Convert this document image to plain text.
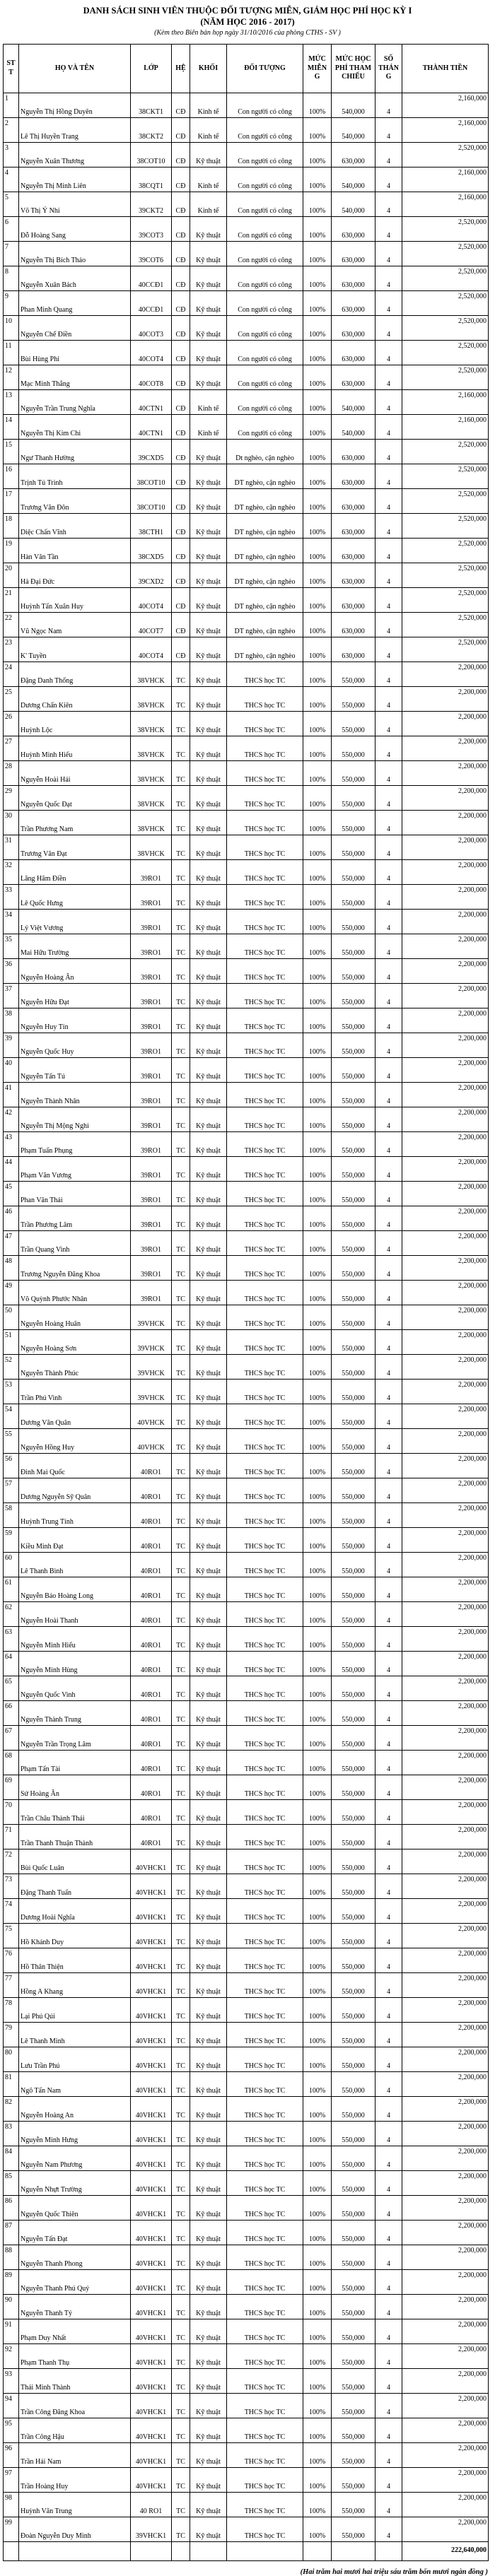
DANH SÁCH SINH VIÊN THUỘC ĐỐI TƯỢNG MIỄN, GIẢM HỌC PHÍ HỌC KỲ I
(NĂM HỌC 2016 - 2017)
(Kèm theo Biên bản họp ngày 31/10/2016 của phòng CTHS - SV )
ST T	HỌ VÀ TÊN	LỚP	HỆ	KHỐI	ĐỐI TƯỢNG	MỨC MIỄN G	MỨC HỌC PHÍ THAM CHIẾU	SỐ THÁN G	THÀNH TIỀN
1	Nguyễn Thị Hồng Duyên	38CKT1	CĐ	Kinh tế	Con người có công	100%	540,000	4	2,160,000
2	Lê Thị Huyền Trang	38CKT2	CĐ	Kinh tế	Con người có công	100%	540,000	4	2,160,000
3	Nguyễn Xuân Thương	38COT10	CĐ	Kỹ thuật	Con người có công	100%	630,000	4	2,520,000
4	Nguyễn Thị Minh Liên	38CQT1	CĐ	Kinh tế	Con người có công	100%	540,000	4	2,160,000
5	Võ Thị Ý Nhi	39CKT2	CĐ	Kinh tế	Con người có công	100%	540,000	4	2,160,000
6	Đỗ Hoàng Sang	39COT3	CĐ	Kỹ thuật	Con người có công	100%	630,000	4	2,520,000
7	Nguyễn Thị Bích Thảo	39COT6	CĐ	Kỹ thuật	Con người có công	100%	630,000	4	2,520,000
8	Nguyễn Xuân Bách	40CCĐ1	CĐ	Kỹ thuật	Con người có công	100%	630,000	4	2,520,000
9	Phan Minh Quang	40CCĐ1	CĐ	Kỹ thuật	Con người có công	100%	630,000	4	2,520,000
10	Nguyễn Chế Điền	40COT3	CĐ	Kỹ thuật	Con người có công	100%	630,000	4	2,520,000
11	Bùi Hùng Phi	40COT4	CĐ	Kỹ thuật	Con người có công	100%	630,000	4	2,520,000
12	Mạc Minh Thắng	40COT8	CĐ	Kỹ thuật	Con người có công	100%	630,000	4	2,520,000
13	Nguyễn Trần Trung Nghĩa	40CTN1	CĐ	Kinh tế	Con người có công	100%	540,000	4	2,160,000
14	Nguyễn Thị Kim Chi	40CTN1	CĐ	Kinh tế	Con người có công	100%	540,000	4	2,160,000
15	Ngư Thanh Hường	39CXD5	CĐ	Kỹ thuật	Dt nghèo, cận nghèo	100%	630,000	4	2,520,000
16	Trịnh Tú Trinh	38COT10	CĐ	Kỹ thuật	DT nghèo, cận nghèo	100%	630,000	4	2,520,000
17	Trương Văn Đôn	38COT10	CĐ	Kỹ thuật	DT nghèo, cận nghèo	100%	630,000	4	2,520,000
18	Diệc Chấn Vĩnh	38CTH1	CĐ	Kỹ thuật	DT nghèo, cận nghèo	100%	630,000	4	2,520,000
19	Hàn Văn Tần	38CXD5	CĐ	Kỹ thuật	DT nghèo, cận nghèo	100%	630,000	4	2,520,000
20	Hà Đại Đức	39CXD2	CĐ	Kỹ thuật	DT nghèo, cận nghèo	100%	630,000	4	2,520,000
21	Huỳnh Tấn Xuân Huy	40COT4	CĐ	Kỹ thuật	DT nghèo, cận nghèo	100%	630,000	4	2,520,000
22	Vũ Ngọc Nam	40COT7	CĐ	Kỹ thuật	DT nghèo, cận nghèo	100%	630,000	4	2,520,000
23	K' Tuyền	40COT4	CĐ	Kỹ thuật	DT nghèo, cận nghèo	100%	630,000	4	2,520,000
24	Đặng Danh Thống	38VHCK	TC	Kỹ thuật	THCS học TC	100%	550,000	4	2,200,000
25	Dương Chấn Kiên	38VHCK	TC	Kỹ thuật	THCS học TC	100%	550,000	4	2,200,000
26	Huỳnh Lộc	38VHCK	TC	Kỹ thuật	THCS học TC	100%	550,000	4	2,200,000
27	Huỳnh Minh Hiếu	38VHCK	TC	Kỹ thuật	THCS học TC	100%	550,000	4	2,200,000
28	Nguyễn Hoài Hải	38VHCK	TC	Kỹ thuật	THCS học TC	100%	550,000	4	2,200,000
29	Nguyễn Quốc Đạt	38VHCK	TC	Kỹ thuật	THCS học TC	100%	550,000	4	2,200,000
30	Trần Phương Nam	38VHCK	TC	Kỹ thuật	THCS học TC	100%	550,000	4	2,200,000
31	Trương Văn Đạt	38VHCK	TC	Kỹ thuật	THCS học TC	100%	550,000	4	2,200,000
32	Lăng Hâm Điền	39RO1	TC	Kỹ thuật	THCS học TC	100%	550,000	4	2,200,000
33	Lê Quốc Hưng	39RO1	TC	Kỹ thuật	THCS học TC	100%	550,000	4	2,200,000
34	Lý Việt Vương	39RO1	TC	Kỹ thuật	THCS học TC	100%	550,000	4	2,200,000
35	Mai Hữu Trường	39RO1	TC	Kỹ thuật	THCS học TC	100%	550,000	4	2,200,000
36	Nguyễn Hoàng Ân	39RO1	TC	Kỹ thuật	THCS học TC	100%	550,000	4	2,200,000
37	Nguyễn Hữu Đạt	39RO1	TC	Kỹ thuật	THCS học TC	100%	550,000	4	2,200,000
38	Nguyễn Huy Tín	39RO1	TC	Kỹ thuật	THCS học TC	100%	550,000	4	2,200,000
39	Nguyễn Quốc Huy	39RO1	TC	Kỹ thuật	THCS học TC	100%	550,000	4	2,200,000
40	Nguyễn Tấn Tú	39RO1	TC	Kỹ thuật	THCS học TC	100%	550,000	4	2,200,000
41	Nguyễn Thành Nhân	39RO1	TC	Kỹ thuật	THCS học TC	100%	550,000	4	2,200,000
42	Nguyễn Thị Mộng Nghi	39RO1	TC	Kỹ thuật	THCS học TC	100%	550,000	4	2,200,000
43	Phạm Tuấn Phụng	39RO1	TC	Kỹ thuật	THCS học TC	100%	550,000	4	2,200,000
44	Phạm Văn Vương	39RO1	TC	Kỹ thuật	THCS học TC	100%	550,000	4	2,200,000
45	Phan Văn Thái	39RO1	TC	Kỹ thuật	THCS học TC	100%	550,000	4	2,200,000
46	Trần Phương Lâm	39RO1	TC	Kỹ thuật	THCS học TC	100%	550,000	4	2,200,000
47	Trần Quang Vinh	39RO1	TC	Kỹ thuật	THCS học TC	100%	550,000	4	2,200,000
48	Trương Nguyễn Đăng Khoa	39RO1	TC	Kỹ thuật	THCS học TC	100%	550,000	4	2,200,000
49	Võ Quỳnh Phước Nhân	39RO1	TC	Kỹ thuật	THCS học TC	100%	550,000	4	2,200,000
50	Nguyễn Hoàng Huân	39VHCK	TC	Kỹ thuật	THCS học TC	100%	550,000	4	2,200,000
51	Nguyễn Hoàng Sơn	39VHCK	TC	Kỹ thuật	THCS học TC	100%	550,000	4	2,200,000
52	Nguyễn Thành Phúc	39VHCK	TC	Kỹ thuật	THCS học TC	100%	550,000	4	2,200,000
53	Trần Phú Vinh	39VHCK	TC	Kỹ thuật	THCS học TC	100%	550,000	4	2,200,000
54	Dương Văn Quân	40VHCK	TC	Kỹ thuật	THCS học TC	100%	550,000	4	2,200,000
55	Nguyễn Hồng Huy	40VHCK	TC	Kỹ thuật	THCS học TC	100%	550,000	4	2,200,000
56	Đinh Mai Quốc	40RO1	TC	Kỹ thuật	THCS học TC	100%	550,000	4	2,200,000
57	Dương Nguyễn Sỹ Quân	40RO1	TC	Kỹ thuật	THCS học TC	100%	550,000	4	2,200,000
58	Huỳnh Trung Tính	40RO1	TC	Kỹ thuật	THCS học TC	100%	550,000	4	2,200,000
59	Kiều Minh Đạt	40RO1	TC	Kỹ thuật	THCS học TC	100%	550,000	4	2,200,000
60	Lê Thanh Bình	40RO1	TC	Kỹ thuật	THCS học TC	100%	550,000	4	2,200,000
61	Nguyễn Bảo Hoàng Long	40RO1	TC	Kỹ thuật	THCS học TC	100%	550,000	4	2,200,000
62	Nguyễn Hoài Thanh	40RO1	TC	Kỹ thuật	THCS học TC	100%	550,000	4	2,200,000
63	Nguyễn Minh Hiếu	40RO1	TC	Kỹ thuật	THCS học TC	100%	550,000	4	2,200,000
64	Nguyễn Minh Hùng	40RO1	TC	Kỹ thuật	THCS học TC	100%	550,000	4	2,200,000
65	Nguyễn Quốc Vinh	40RO1	TC	Kỹ thuật	THCS học TC	100%	550,000	4	2,200,000
66	Nguyễn Thành Trung	40RO1	TC	Kỹ thuật	THCS học TC	100%	550,000	4	2,200,000
67	Nguyễn Trần Trọng Lâm	40RO1	TC	Kỹ thuật	THCS học TC	100%	550,000	4	2,200,000
68	Phạm Tấn Tài	40RO1	TC	Kỹ thuật	THCS học TC	100%	550,000	4	2,200,000
69	Sử Hoàng Ân	40RO1	TC	Kỹ thuật	THCS học TC	100%	550,000	4	2,200,000
70	Trần Châu Thành Thái	40RO1	TC	Kỹ thuật	THCS học TC	100%	550,000	4	2,200,000
71	Trần Thanh Thuận Thành	40RO1	TC	Kỹ thuật	THCS học TC	100%	550,000	4	2,200,000
72	Bùi Quốc Luân	40VHCK1	TC	Kỹ thuật	THCS học TC	100%	550,000	4	2,200,000
73	Đặng Thanh Tuấn	40VHCK1	TC	Kỹ thuật	THCS học TC	100%	550,000	4	2,200,000
74	Dương Hoài Nghĩa	40VHCK1	TC	Kỹ thuật	THCS học TC	100%	550,000	4	2,200,000
75	Hồ Khánh Duy	40VHCK1	TC	Kỹ thuật	THCS học TC	100%	550,000	4	2,200,000
76	Hồ Thân Thiện	40VHCK1	TC	Kỹ thuật	THCS học TC	100%	550,000	4	2,200,000
77	Hồng A Khang	40VHCK1	TC	Kỹ thuật	THCS học TC	100%	550,000	4	2,200,000
78	Lại Phú Qúi	40VHCK1	TC	Kỹ thuật	THCS học TC	100%	550,000	4	2,200,000
79	Lê Thanh Minh	40VHCK1	TC	Kỹ thuật	THCS học TC	100%	550,000	4	2,200,000
80	Lưu Trần Phú	40VHCK1	TC	Kỹ thuật	THCS học TC	100%	550,000	4	2,200,000
81	Ngô Tấn Nam	40VHCK1	TC	Kỹ thuật	THCS học TC	100%	550,000	4	2,200,000
82	Nguyễn Hoàng An	40VHCK1	TC	Kỹ thuật	THCS học TC	100%	550,000	4	2,200,000
83	Nguyễn Minh Hưng	40VHCK1	TC	Kỹ thuật	THCS học TC	100%	550,000	4	2,200,000
84	Nguyễn Nam Phương	40VHCK1	TC	Kỹ thuật	THCS học TC	100%	550,000	4	2,200,000
85	Nguyễn Nhựt Trường	40VHCK1	TC	Kỹ thuật	THCS học TC	100%	550,000	4	2,200,000
86	Nguyễn Quốc Thiên	40VHCK1	TC	Kỹ thuật	THCS học TC	100%	550,000	4	2,200,000
87	Nguyễn Tấn Đạt	40VHCK1	TC	Kỹ thuật	THCS học TC	100%	550,000	4	2,200,000
88	Nguyễn Thanh Phong	40VHCK1	TC	Kỹ thuật	THCS học TC	100%	550,000	4	2,200,000
89	Nguyễn Thanh Phú Quý	40VHCK1	TC	Kỹ thuật	THCS học TC	100%	550,000	4	2,200,000
90	Nguyễn Thanh Tỷ	40VHCK1	TC	Kỹ thuật	THCS học TC	100%	550,000	4	2,200,000
91	Phạm Duy Nhất	40VHCK1	TC	Kỹ thuật	THCS học TC	100%	550,000	4	2,200,000
92	Phạm Thanh Thụ	40VHCK1	TC	Kỹ thuật	THCS học TC	100%	550,000	4	2,200,000
93	Thái Minh Thành	40VHCK1	TC	Kỹ thuật	THCS học TC	100%	550,000	4	2,200,000
94	Trần Công Đăng Khoa	40VHCK1	TC	Kỹ thuật	THCS học TC	100%	550,000	4	2,200,000
95	Trần Công Hậu	40VHCK1	TC	Kỹ thuật	THCS học TC	100%	550,000	4	2,200,000
96	Trần Hải Nam	40VHCK1	TC	Kỹ thuật	THCS học TC	100%	550,000	4	2,200,000
97	Trần Hoàng Huy	40VHCK1	TC	Kỹ thuật	THCS học TC	100%	550,000	4	2,200,000
98	Huỳnh Văn Trung	40 RO1	TC	Kỹ thuật	THCS học TC	100%	550,000	4	2,200,000
99	Đoàn Nguyễn Duy Minh	39VHCK1	TC	Kỹ thuật	THCS học TC	100%	550,000	4	2,200,000
									222,640,000
(Hai trăm hai mươi hai triệu sáu trăm bốn mươi ngàn đồng )
